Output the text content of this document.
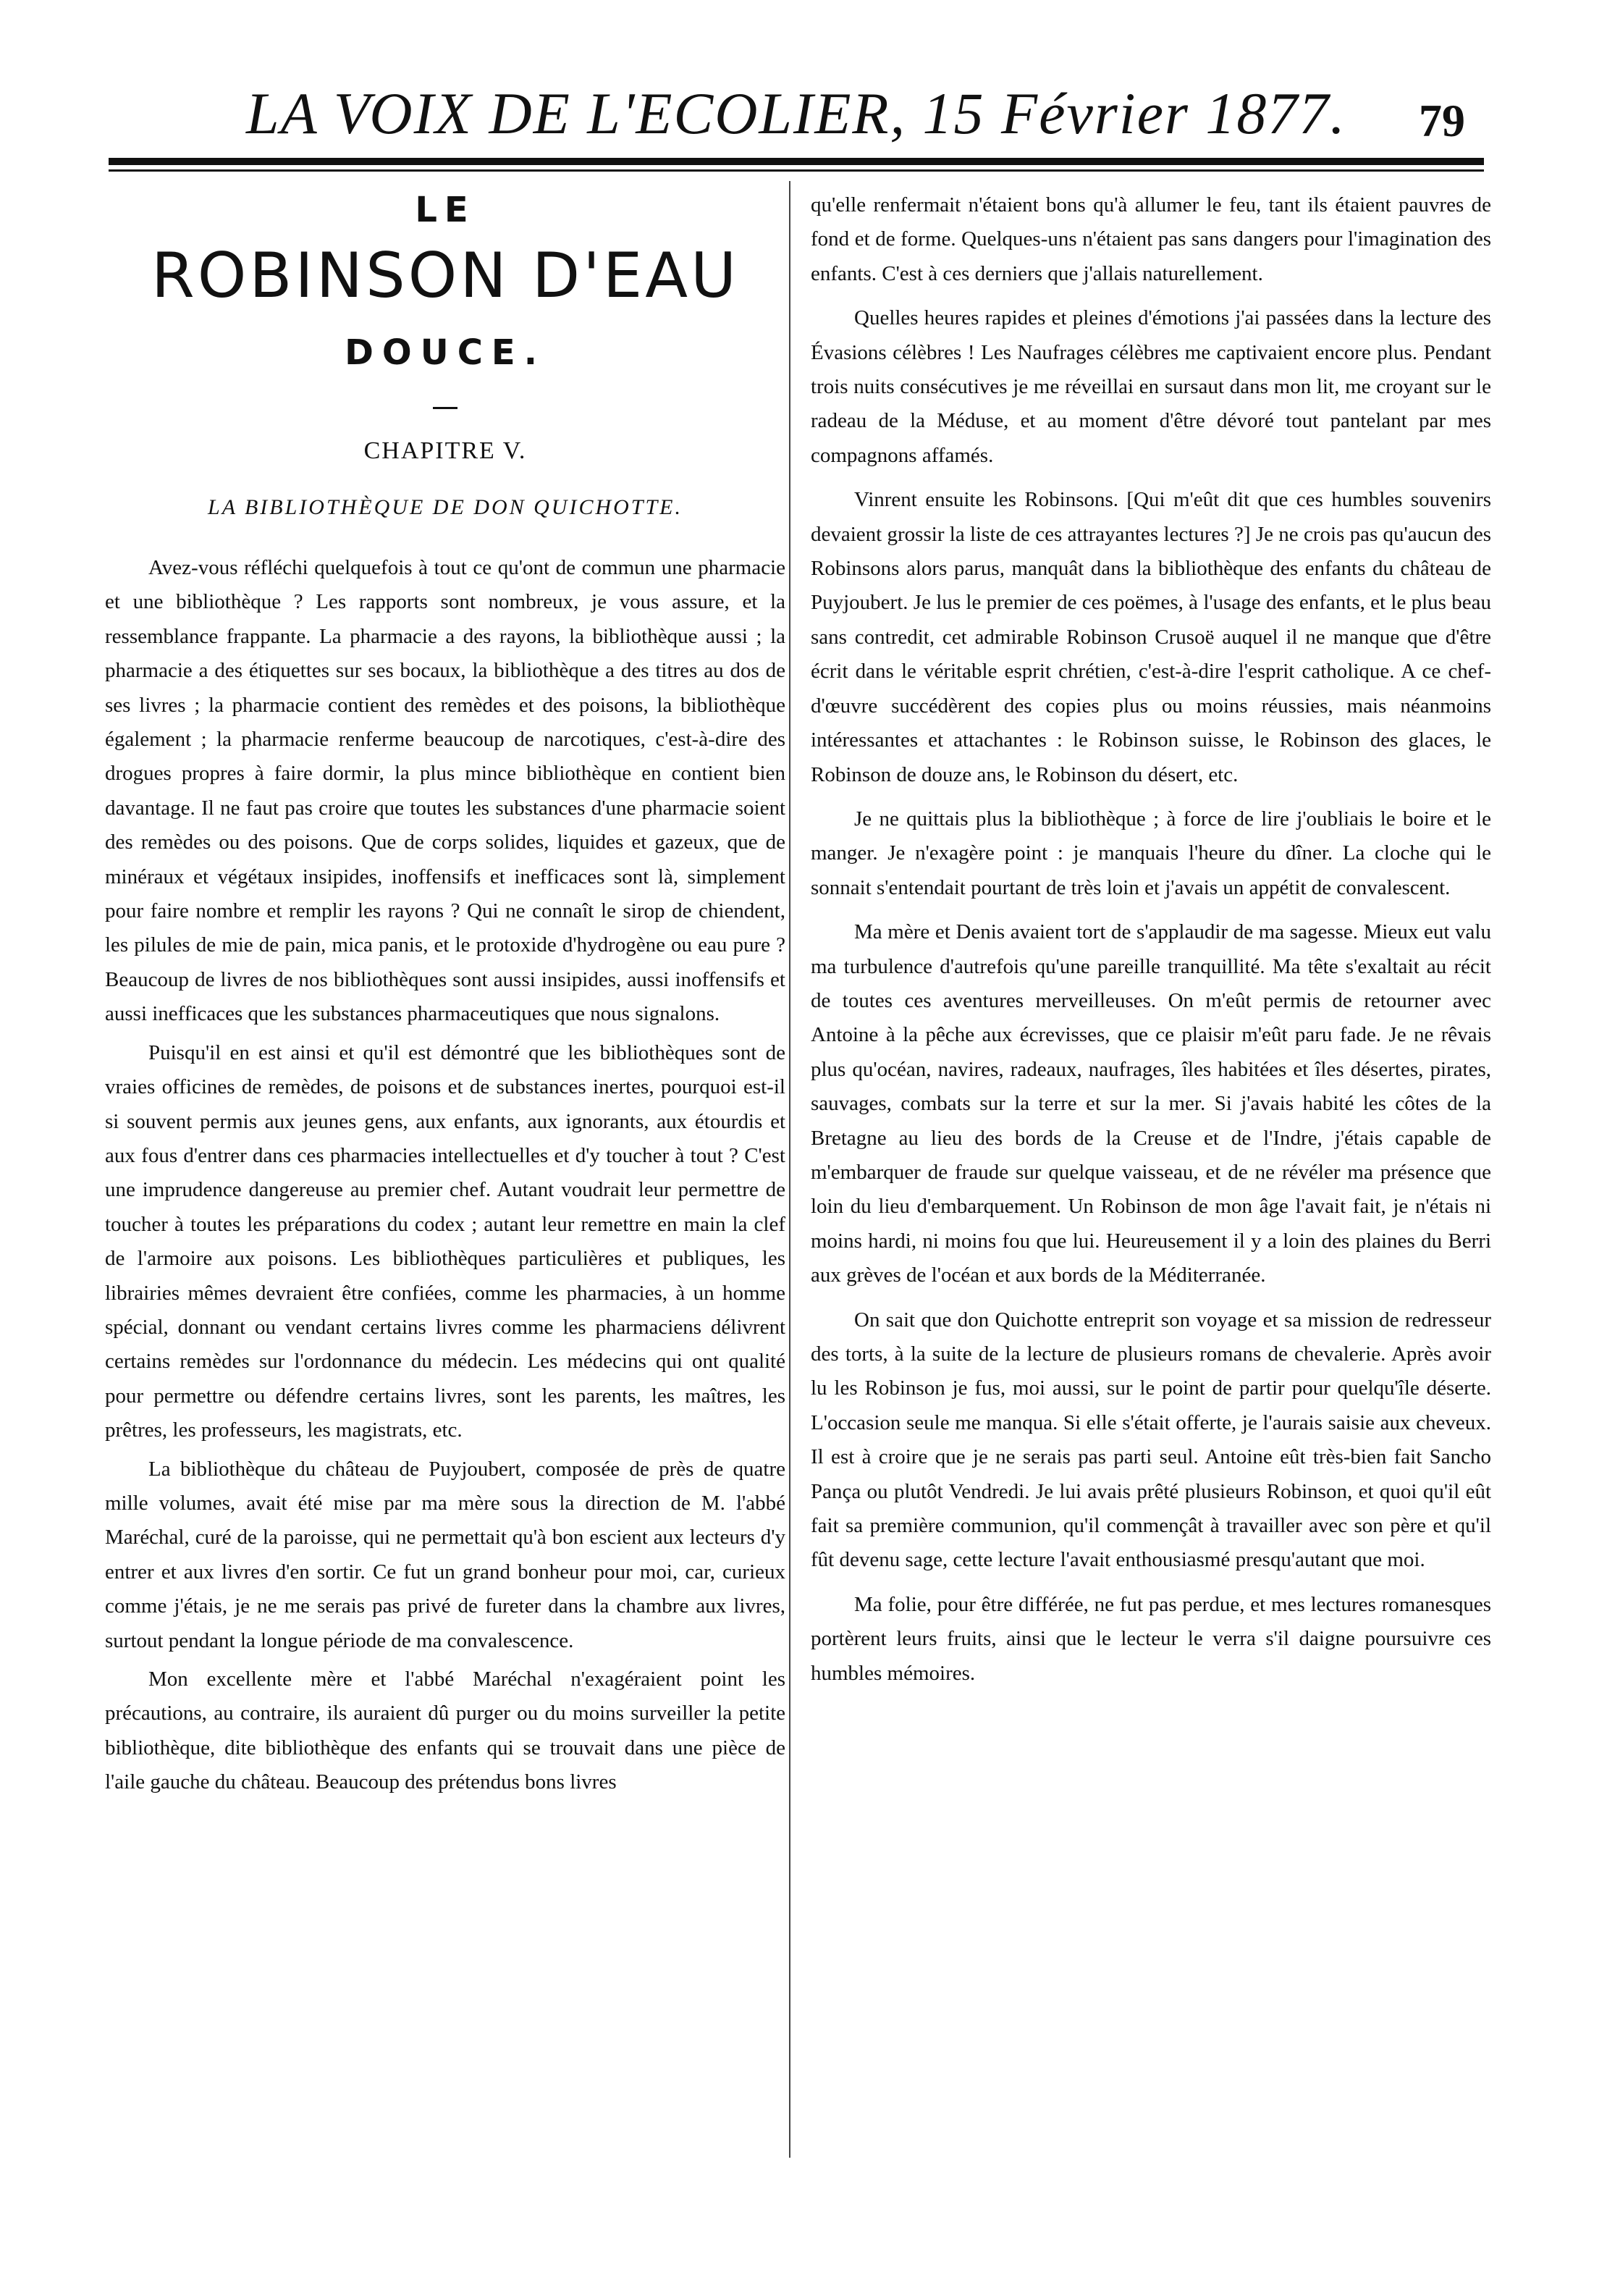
LA VOIX DE L'ECOLIER, 15 Février 1877.	79
LE
ROBINSON D'EAU
DOUCE.
CHAPITRE V.
LA BIBLIOTHÈQUE DE DON QUICHOTTE.

Avez-vous réfléchi quelquefois à tout ce qu'ont de commun une pharmacie et une bibliothèque ? Les rapports sont nombreux, je vous assure, et la ressemblance frappante. La pharmacie a des rayons, la bibliothèque aussi ; la pharmacie a des étiquettes sur ses bocaux, la bibliothèque a des titres au dos de ses livres ; la pharmacie contient des remèdes et des poisons, la bibliothèque également ; la pharmacie renferme beaucoup de narcotiques, c'est-à-dire des drogues propres à faire dormir, la plus mince bibliothèque en contient bien davantage. Il ne faut pas croire que toutes les substances d'une pharmacie soient des remèdes ou des poisons. Que de corps solides, liquides et gazeux, que de minéraux et végétaux insipides, inoffensifs et inefficaces sont là, simplement pour faire nombre et remplir les rayons ? Qui ne connaît le sirop de chiendent, les pilules de mie de pain, mica panis, et le protoxide d'hydrogène ou eau pure ? Beaucoup de livres de nos bibliothèques sont aussi insipides, aussi inoffensifs et aussi inefficaces que les substances pharmaceutiques que nous signalons.

Puisqu'il en est ainsi et qu'il est démontré que les bibliothèques sont de vraies officines de remèdes, de poisons et de substances inertes, pourquoi est-il si souvent permis aux jeunes gens, aux enfants, aux ignorants, aux étourdis et aux fous d'entrer dans ces pharmacies intellectuelles et d'y toucher à tout ? C'est une imprudence dangereuse au premier chef. Autant voudrait leur permettre de toucher à toutes les préparations du codex ; autant leur remettre en main la clef de l'armoire aux poisons. Les bibliothèques particulières et publiques, les librairies mêmes devraient être confiées, comme les pharmacies, à un homme spécial, donnant ou vendant certains livres comme les pharmaciens délivrent certains remèdes sur l'ordonnance du médecin. Les médecins qui ont qualité pour permettre ou défendre certains livres, sont les parents, les maîtres, les prêtres, les professeurs, les magistrats, etc.

La bibliothèque du château de Puyjoubert, composée de près de quatre mille volumes, avait été mise par ma mère sous la direction de M. l'abbé Maréchal, curé de la paroisse, qui ne permettait qu'à bon escient aux lecteurs d'y entrer et aux livres d'en sortir. Ce fut un grand bonheur pour moi, car, curieux comme j'étais, je ne me serais pas privé de fureter dans la chambre aux livres, surtout pendant la longue période de ma convalescence.

Mon excellente mère et l'abbé Maréchal n'exagéraient point les précautions, au contraire, ils auraient dû purger ou du moins surveiller la petite bibliothèque, dite bibliothèque des enfants qui se trouvait dans une pièce de l'aile gauche du château. Beaucoup des prétendus bons livres

qu'elle renfermait n'étaient bons qu'à allumer le feu, tant ils étaient pauvres de fond et de forme. Quelques-uns n'étaient pas sans dangers pour l'imagination des enfants. C'est à ces derniers que j'allais naturellement.

Quelles heures rapides et pleines d'émotions j'ai passées dans la lecture des Évasions célèbres ! Les Naufrages célèbres me captivaient encore plus. Pendant trois nuits consécutives je me réveillai en sursaut dans mon lit, me croyant sur le radeau de la Méduse, et au moment d'être dévoré tout pantelant par mes compagnons affamés.

Vinrent ensuite les Robinsons. [Qui m'eût dit que ces humbles souvenirs devaient grossir la liste de ces attrayantes lectures ?] Je ne crois pas qu'aucun des Robinsons alors parus, manquât dans la bibliothèque des enfants du château de Puyjoubert. Je lus le premier de ces poëmes, à l'usage des enfants, et le plus beau sans contredit, cet admirable Robinson Crusoë auquel il ne manque que d'être écrit dans le véritable esprit chrétien, c'est-à-dire l'esprit catholique. A ce chef-d'œuvre succédèrent des copies plus ou moins réussies, mais néanmoins intéressantes et attachantes : le Robinson suisse, le Robinson des glaces, le Robinson de douze ans, le Robinson du désert, etc.

Je ne quittais plus la bibliothèque ; à force de lire j'oubliais le boire et le manger. Je n'exagère point : je manquais l'heure du dîner. La cloche qui le sonnait s'entendait pourtant de très loin et j'avais un appétit de convalescent.

Ma mère et Denis avaient tort de s'applaudir de ma sagesse. Mieux eut valu ma turbulence d'autrefois qu'une pareille tranquillité. Ma tête s'exaltait au récit de toutes ces aventures merveilleuses. On m'eût permis de retourner avec Antoine à la pêche aux écrevisses, que ce plaisir m'eût paru fade. Je ne rêvais plus qu'océan, navires, radeaux, naufrages, îles habitées et îles désertes, pirates, sauvages, combats sur la terre et sur la mer. Si j'avais habité les côtes de la Bretagne au lieu des bords de la Creuse et de l'Indre, j'étais capable de m'embarquer de fraude sur quelque vaisseau, et de ne révéler ma présence que loin du lieu d'embarquement. Un Robinson de mon âge l'avait fait, je n'étais ni moins hardi, ni moins fou que lui. Heureusement il y a loin des plaines du Berri aux grèves de l'océan et aux bords de la Méditerranée.

On sait que don Quichotte entreprit son voyage et sa mission de redresseur des torts, à la suite de la lecture de plusieurs romans de chevalerie. Après avoir lu les Robinson je fus, moi aussi, sur le point de partir pour quelqu'île déserte. L'occasion seule me manqua. Si elle s'était offerte, je l'aurais saisie aux cheveux. Il est à croire que je ne serais pas parti seul. Antoine eût très-bien fait Sancho Pança ou plutôt Vendredi. Je lui avais prêté plusieurs Robinson, et quoi qu'il eût fait sa première communion, qu'il commençât à travailler avec son père et qu'il fût devenu sage, cette lecture l'avait enthousiasmé presqu'autant que moi.

Ma folie, pour être différée, ne fut pas perdue, et mes lectures romanesques portèrent leurs fruits, ainsi que le lecteur le verra s'il daigne poursuivre ces humbles mémoires.
